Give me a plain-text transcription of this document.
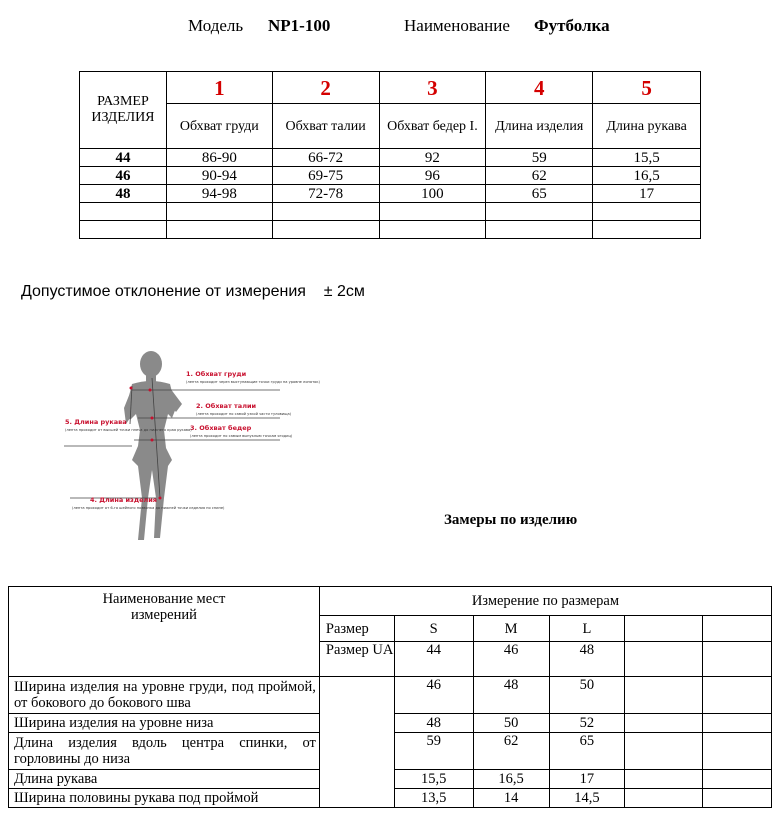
Модель NP1-100	Наименование Футболка
РАЗМЕР ИЗДЕЛИЯ	1	2	3	4	5
	Обхват груди	Обхват талии	Обхват бедер I.	Длина изделия	Длина рукава
44	86-90	66-72	92	59	15,5
46	90-94	69-75	96	62	16,5
48	94-98	72-78	100	65	17

Допустимое отклонение от измерения ± 2см
1. Обхват груди
(лента проходит через выступающие точки груди на уровне лопаток)
2. Обхват талии
(лента проходит по самой узкой части туловища)
3. Обхват бедер
(лента проходит по самым выпуклым точкам ягодиц)
5. Длина рукава
(лента проходит от высшей точки плеча до нижнего края рукава)
4. Длина изделия
(лента проходит от 6-го шейного позвонка до нижней точки изделия по спине)
Замеры по изделию
Наименование мест измерений	Измерение по размерам					
	Размер	S	M	L		
	Размер UA	44	46	48		
Ширина изделия на уровне груди, под проймой, от бокового до бокового шва		46	48	50		
Ширина изделия на уровне низа		48	50	52		
Длина изделия вдоль центра спинки, от горловины до низа		59	62	65		
Длина рукава		15,5	16,5	17		
Ширина половины рукава под проймой		13,5	14	14,5		
